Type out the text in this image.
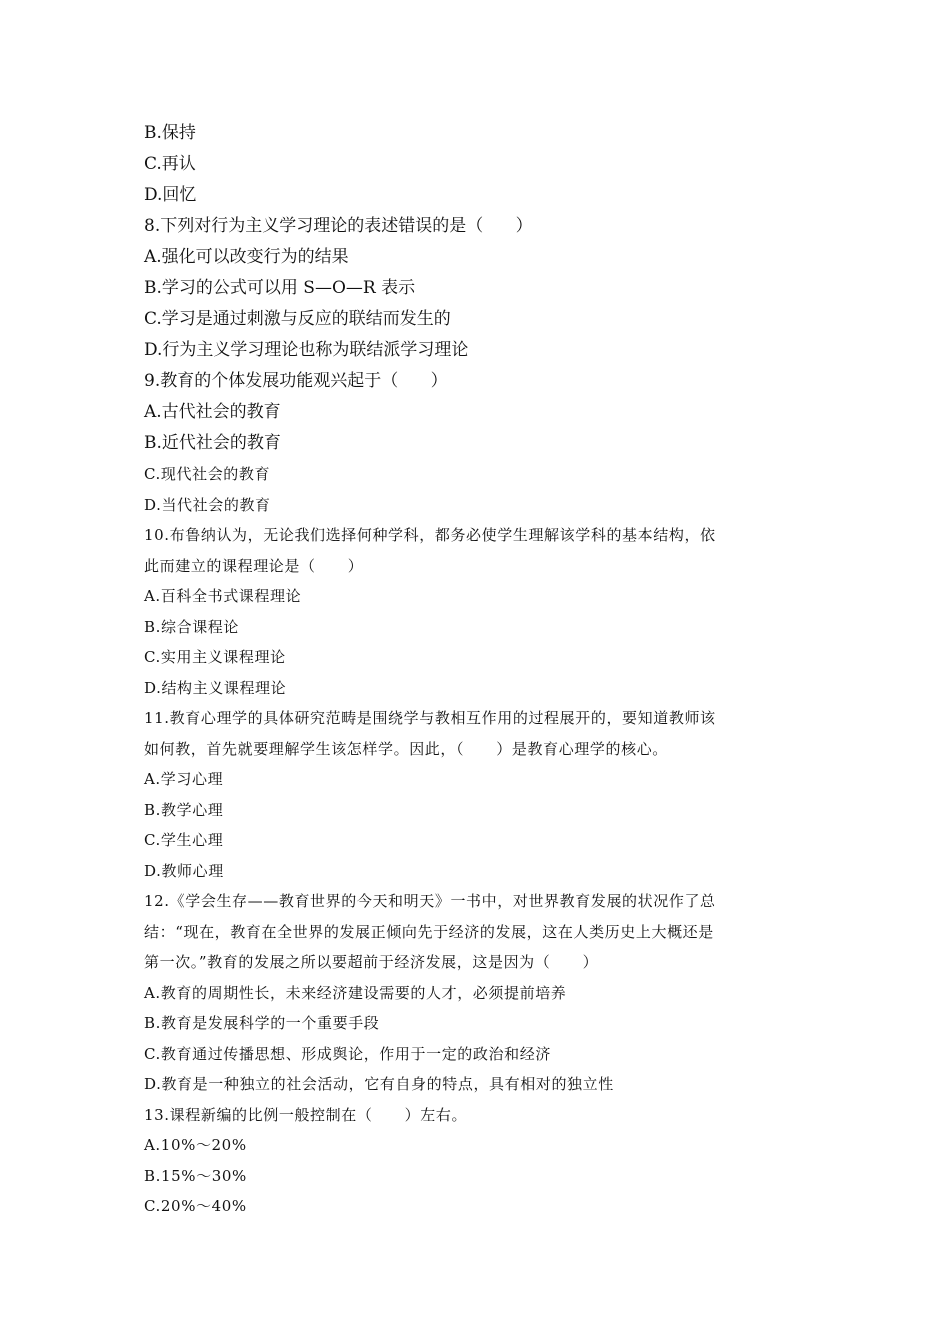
B.保持
C.再认
D.回忆
8.下列对行为主义学习理论的表述错误的是（      ）
A.强化可以改变行为的结果
B.学习的公式可以用 S—O—R 表示
C.学习是通过刺激与反应的联结而发生的
D.行为主义学习理论也称为联结派学习理论
9.教育的个体发展功能观兴起于（      ）
A.古代社会的教育
B.近代社会的教育
C.现代社会的教育
D.当代社会的教育
10.布鲁纳认为，无论我们选择何种学科，都务必使学生理解该学科的基本结构，依
此而建立的课程理论是（      ）
A.百科全书式课程理论
B.综合课程论
C.实用主义课程理论
D.结构主义课程理论
11.教育心理学的具体研究范畴是围绕学与教相互作用的过程展开的，要知道教师该
如何教，首先就要理解学生该怎样学。因此，（      ）是教育心理学的核心。
A.学习心理
B.教学心理
C.学生心理
D.教师心理
12.《学会生存——教育世界的今天和明天》一书中，对世界教育发展的状况作了总
结：“现在，教育在全世界的发展正倾向先于经济的发展，这在人类历史上大概还是
第一次。”教育的发展之所以要超前于经济发展，这是因为（      ）
A.教育的周期性长，未来经济建设需要的人才，必须提前培养
B.教育是发展科学的一个重要手段
C.教育通过传播思想、形成舆论，作用于一定的政治和经济
D.教育是一种独立的社会活动，它有自身的特点，具有相对的独立性
13.课程新编的比例一般控制在（      ）左右。
A.10%～20%
B.15%～30%
C.20%～40%
